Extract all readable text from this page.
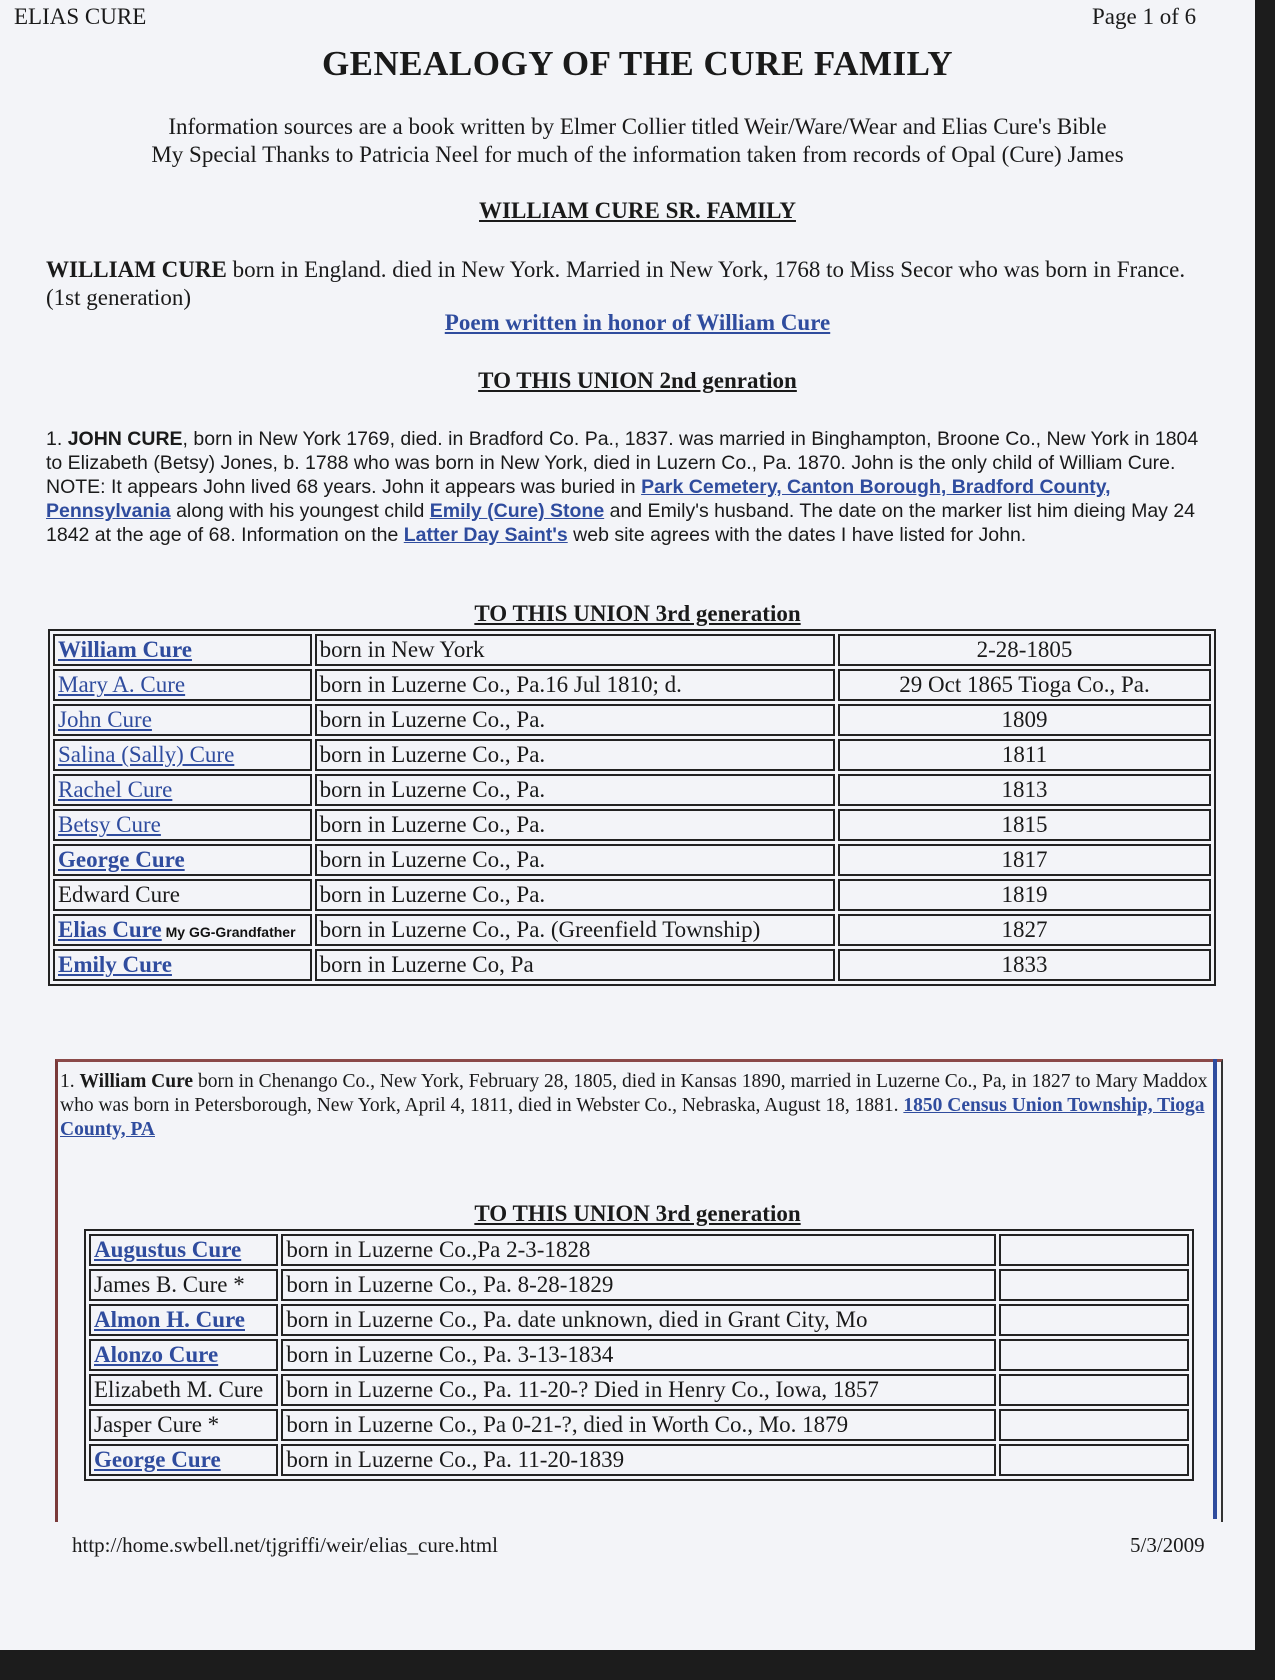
ELIAS CURE	Page 1 of 6
GENEALOGY OF THE CURE FAMILY
Information sources are a book written by Elmer Collier titled Weir/Ware/Wear and Elias Cure's Bible
My Special Thanks to Patricia Neel for much of the information taken from records of Opal (Cure) James
WILLIAM CURE SR. FAMILY
WILLIAM CURE born in England. died in New York. Married in New York, 1768 to Miss Secor who was born in France. (1st generation)
Poem written in honor of William Cure
TO THIS UNION 2nd genration
1. JOHN CURE, born in New York 1769, died. in Bradford Co. Pa., 1837. was married in Binghampton, Broone Co., New York in 1804 to Elizabeth (Betsy) Jones, b. 1788 who was born in New York, died in Luzern Co., Pa. 1870. John is the only child of William Cure. NOTE: It appears John lived 68 years. John it appears was buried in Park Cemetery, Canton Borough, Bradford County, Pennsylvania along with his youngest child Emily (Cure) Stone and Emily's husband. The date on the marker list him dieing May 24 1842 at the age of 68. Information on the Latter Day Saint's web site agrees with the dates I have listed for John.
TO THIS UNION 3rd generation
William Cure	born in New York	2-28-1805
Mary A. Cure	born in Luzerne Co., Pa.16 Jul 1810; d.	29 Oct 1865 Tioga Co., Pa.
John Cure	born in Luzerne Co., Pa.	1809
Salina (Sally) Cure	born in Luzerne Co., Pa.	1811
Rachel Cure	born in Luzerne Co., Pa.	1813
Betsy Cure	born in Luzerne Co., Pa.	1815
George Cure	born in Luzerne Co., Pa.	1817
Edward Cure	born in Luzerne Co., Pa.	1819
Elias Cure My GG-Grandfather	born in Luzerne Co., Pa. (Greenfield Township)	1827
Emily Cure	born in Luzerne Co, Pa	1833
1. William Cure born in Chenango Co., New York, February 28, 1805, died in Kansas 1890, married in Luzerne Co., Pa, in 1827 to Mary Maddox who was born in Petersborough, New York, April 4, 1811, died in Webster Co., Nebraska, August 18, 1881. 1850 Census Union Township, Tioga County, PA
TO THIS UNION 3rd generation
Augustus Cure	born in Luzerne Co.,Pa 2-3-1828	
James B. Cure *	born in Luzerne Co., Pa. 8-28-1829	
Almon H. Cure	born in Luzerne Co., Pa. date unknown, died in Grant City, Mo	
Alonzo Cure	born in Luzerne Co., Pa. 3-13-1834	
Elizabeth M. Cure	born in Luzerne Co., Pa. 11-20-? Died in Henry Co., Iowa, 1857	
Jasper Cure *	born in Luzerne Co., Pa 0-21-?, died in Worth Co., Mo. 1879	
George Cure	born in Luzerne Co., Pa. 11-20-1839	
http://home.swbell.net/tjgriffi/weir/elias_cure.html	5/3/2009
